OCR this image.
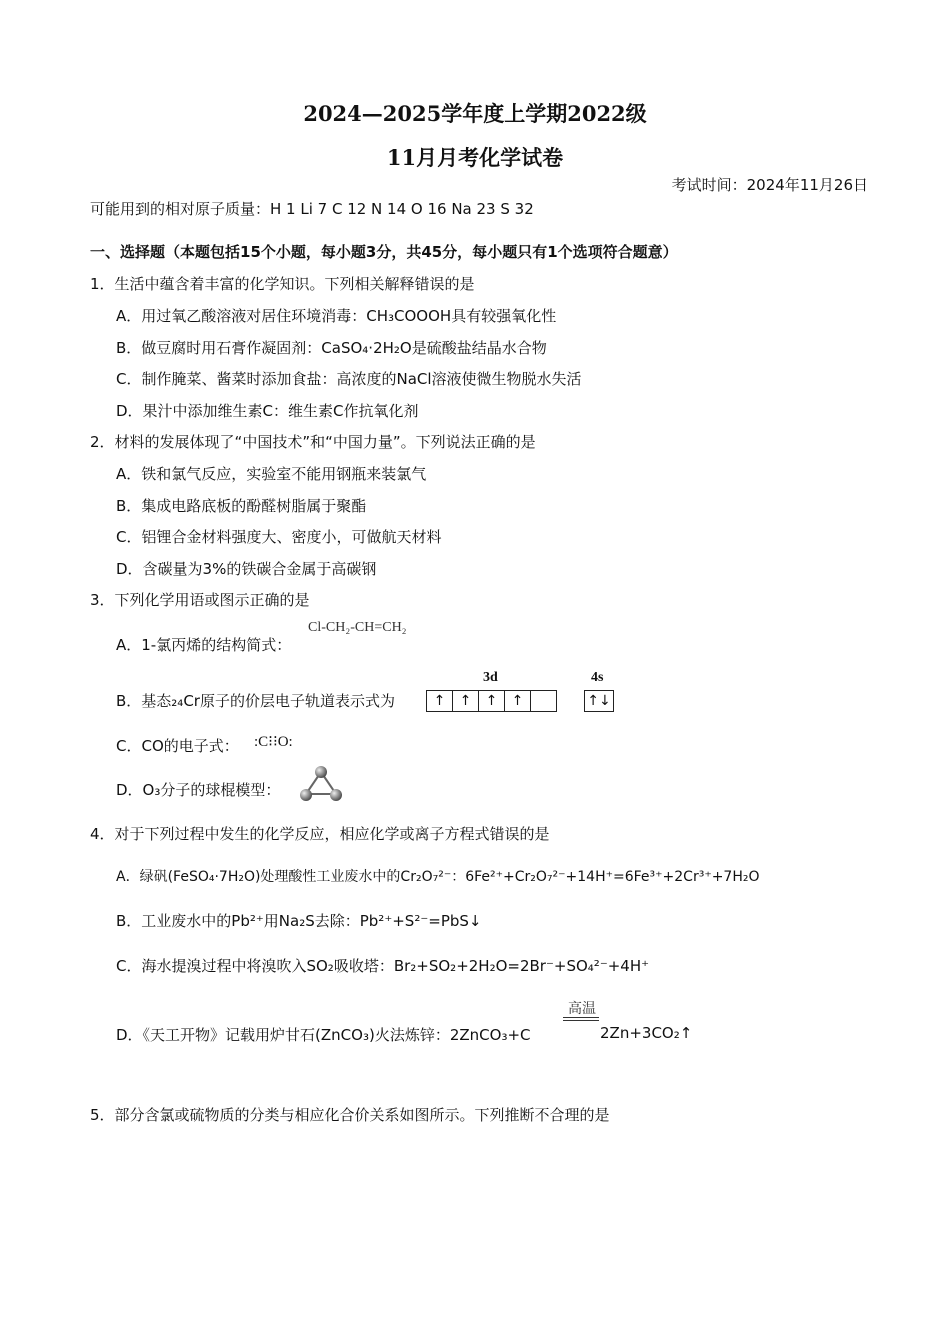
2024—2025学年度上学期2022级
11月月考化学试卷
考试时间：2024年11月26日
可能用到的相对原子质量：H 1 Li 7 C 12 N 14 O 16 Na 23 S 32
一、选择题（本题包括15个小题，每小题3分，共45分，每小题只有1个选项符合题意）
1．生活中蕴含着丰富的化学知识。下列相关解释错误的是
A．用过氧乙酸溶液对居住环境消毒：CH₃COOOH具有较强氧化性
B．做豆腐时用石膏作凝固剂：CaSO₄·2H₂O是硫酸盐结晶水合物
C．制作腌菜、酱菜时添加食盐：高浓度的NaCl溶液使微生物脱水失活
D．果汁中添加维生素C：维生素C作抗氧化剂
2．材料的发展体现了“中国技术”和“中国力量”。下列说法正确的是
A．铁和氯气反应，实验室不能用钢瓶来装氯气
B．集成电路底板的酚醛树脂属于聚酯
C．铝锂合金材料强度大、密度小，可做航天材料
D．含碳量为3%的铁碳合金属于高碳钢
3．下列化学用语或图示正确的是
A．1-氯丙烯的结构简式：
Cl-CH₂-CH=CH₂
B．基态₂₄Cr原子的价层电子轨道表示式为
3d	4s
↑	↑	↑	↑	↑↓
C．CO的电子式： :C⁝⁝O:
D．O₃分子的球棍模型：
4．对于下列过程中发生的化学反应，相应化学或离子方程式错误的是
A．绿矾(FeSO₄·7H₂O)处理酸性工业废水中的Cr₂O₇²⁻：6Fe²⁺+Cr₂O₇²⁻+14H⁺=6Fe³⁺+2Cr³⁺+7H₂O
B．工业废水中的Pb²⁺用Na₂S去除：Pb²⁺+S²⁻=PbS↓
C．海水提溴过程中将溴吹入SO₂吸收塔：Br₂+SO₂+2H₂O=2Br⁻+SO₄²⁻+4H⁺
D．《天工开物》记载用炉甘石(ZnCO₃)火法炼锌：2ZnCO₃+C
高温
2Zn+3CO₂↑
5．部分含氯或硫物质的分类与相应化合价关系如图所示。下列推断不合理的是
